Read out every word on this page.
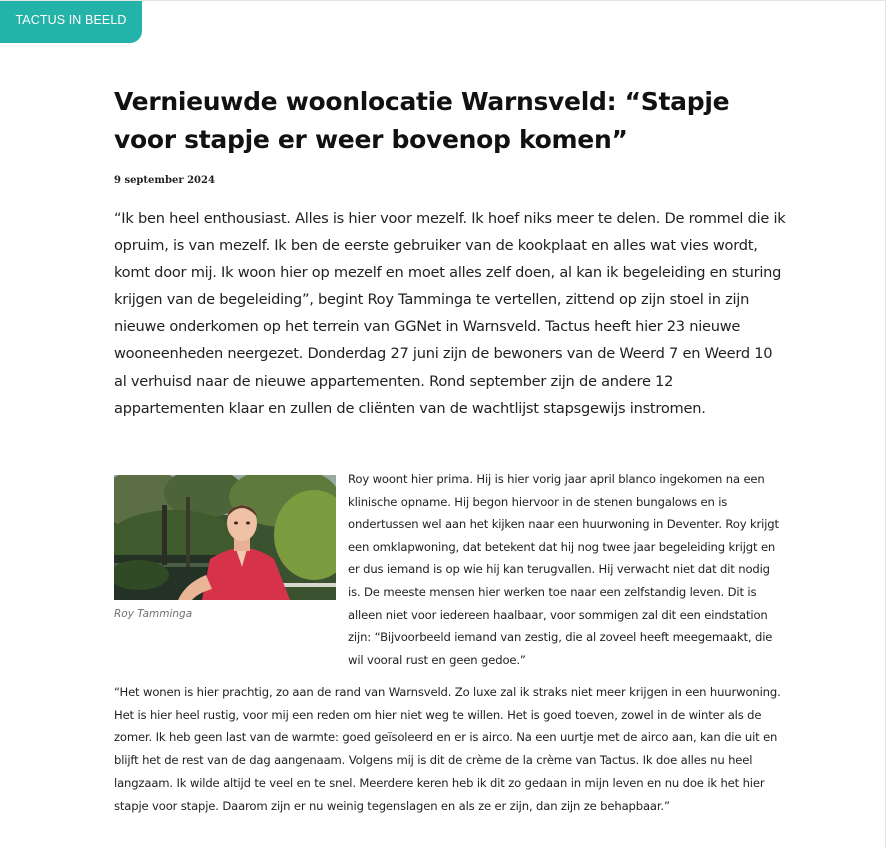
TACTUS IN BEELD
Vernieuwde woonlocatie Warnsveld: “Stapje voor stapje er weer bovenop komen”
9 september 2024

“Ik ben heel enthousiast. Alles is hier voor mezelf. Ik hoef niks meer te delen. De rommel die ik opruim, is van mezelf. Ik ben de eerste gebruiker van de kookplaat en alles wat vies wordt, komt door mij. Ik woon hier op mezelf en moet alles zelf doen, al kan ik begeleiding en sturing krijgen van de begeleiding”, begint Roy Tamminga te vertellen, zittend op zijn stoel in zijn nieuwe onderkomen op het terrein van GGNet in Warnsveld. Tactus heeft hier 23 nieuwe wooneenheden neergezet. Donderdag 27 juni zijn de bewoners van de Weerd 7 en Weerd 10 al verhuisd naar de nieuwe appartementen. Rond september zijn de andere 12 appartementen klaar en zullen de cliënten van de wachtlijst stapsgewijs instromen.

Roy Tamminga

Roy woont hier prima. Hij is hier vorig jaar april blanco ingekomen na een klinische opname. Hij begon hiervoor in de stenen bungalows en is ondertussen wel aan het kijken naar een huurwoning in Deventer. Roy krijgt een omklapwoning, dat betekent dat hij nog twee jaar begeleiding krijgt en er dus iemand is op wie hij kan terugvallen. Hij verwacht niet dat dit nodig is. De meeste mensen hier werken toe naar een zelfstandig leven. Dit is alleen niet voor iedereen haalbaar, voor sommigen zal dit een eindstation zijn: “Bijvoorbeeld iemand van zestig, die al zoveel heeft meegemaakt, die wil vooral rust en geen gedoe.”

“Het wonen is hier prachtig, zo aan de rand van Warnsveld. Zo luxe zal ik straks niet meer krijgen in een huurwoning. Het is hier heel rustig, voor mij een reden om hier niet weg te willen. Het is goed toeven, zowel in de winter als de zomer. Ik heb geen last van de warmte: goed geïsoleerd en er is airco. Na een uurtje met de airco aan, kan die uit en blijft het de rest van de dag aangenaam. Volgens mij is dit de crème de la crème van Tactus. Ik doe alles nu heel langzaam. Ik wilde altijd te veel en te snel. Meerdere keren heb ik dit zo gedaan in mijn leven en nu doe ik het hier stapje voor stapje. Daarom zijn er nu weinig tegenslagen en als ze er zijn, dan zijn ze behapbaar.”
